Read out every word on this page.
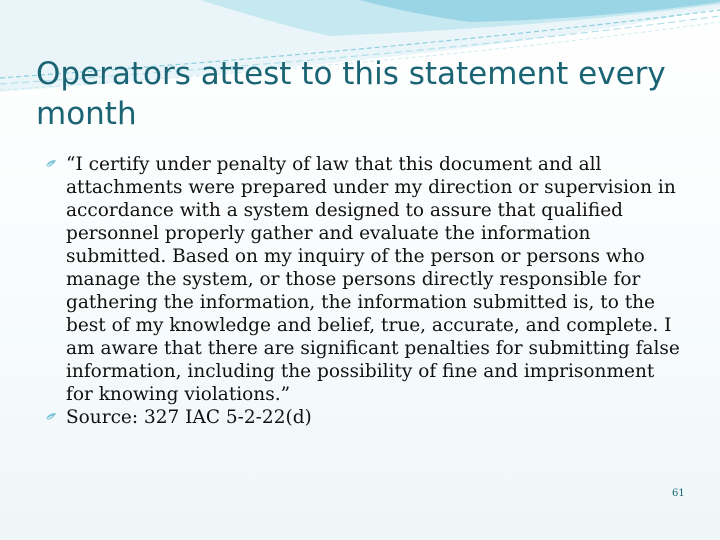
Operators attest to this statement every month

“I certify under penalty of law that this document and all attachments were prepared under my direction or supervision in accordance with a system designed to assure that qualified personnel properly gather and evaluate the information submitted. Based on my inquiry of the person or persons who manage the system, or those persons directly responsible for gathering the information, the information submitted is, to the best of my knowledge and belief, true, accurate, and complete. I am aware that there are significant penalties for submitting false information, including the possibility of fine and imprisonment for knowing violations.”

Source: 327 IAC 5-2-22(d)

61
